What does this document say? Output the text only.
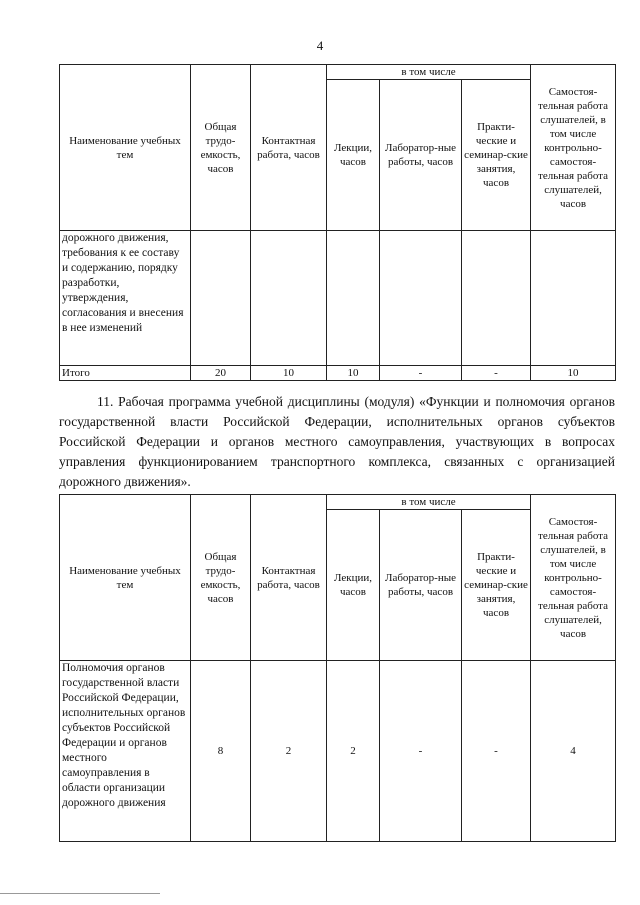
4
Наименование учебных тем	Общая трудо-емкость, часов	Контактная работа, часов	в том числе			Самостоя-тельная работа слушателей, в том числе контрольно-самостоя-тельная работа слушателей, часов
			Лекции, часов	Лаборатор-ные работы, часов	Практи-ческие и семинар-ские занятия, часов	
дорожного движения, требования к ее составу и содержанию, порядку разработки, утверждения, согласования и внесения в нее изменений						
Итого	20	10	10	-	-	10
11. Рабочая программа учебной дисциплины (модуля) «Функции и полномочия органов государственной власти Российской Федерации, исполнительных органов субъектов Российской Федерации и органов местного самоуправления, участвующих в вопросах управления функционированием транспортного комплекса, связанных с организацией дорожного движения».
Наименование учебных тем	Общая трудо-емкость, часов	Контактная работа, часов	в том числе			Самостоя-тельная работа слушателей, в том числе контрольно-самостоя-тельная работа слушателей, часов
			Лекции, часов	Лаборатор-ные работы, часов	Практи-ческие и семинар-ские занятия, часов	
Полномочия органов государственной власти Российской Федерации, исполнительных органов субъектов Российской Федерации и органов местного самоуправления в области организации дорожного движения	8	2	2	-	-	4
